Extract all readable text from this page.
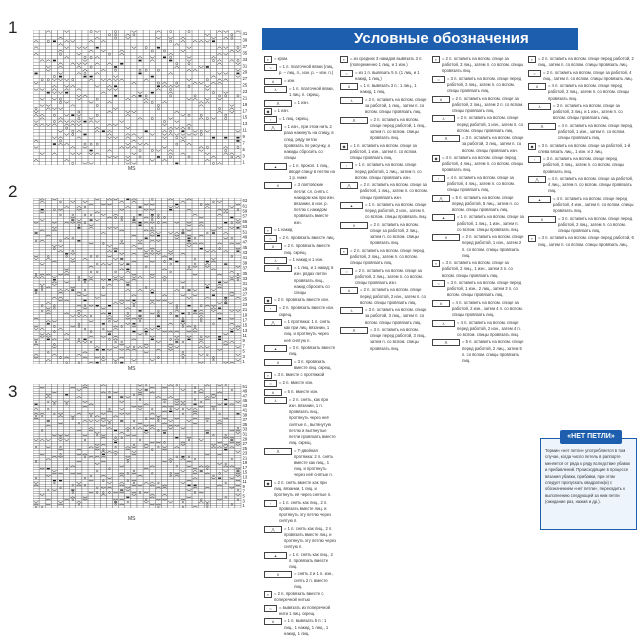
1	41
39
37
35
33
31
29
27
25
23
21
19
17
15
13
11
9
7
5
3
1
MS
2	63
61
59
57
55
53
51
49
47
45
43
41
39
37
35
33
31
29
27
25
23
21
19
17
15
13
11
9
7
5
3
1
MS
3	51
49
47
45
43
41
39
37
35
33
31
29
27
25
23
21
19
17
15
13
11
9
7
5
3
1
MS
Условные обозначения
▪	= кром.
○	= 1 п. платочной вязки (лиц. р. – лиц. п., изн. р. – изн. п.)
∧	= изн.
λ	= 1 п. платочной вязки, 1 лиц. п. скрещ.
ᐱ	= 1 изн.
◆	= 1 изн.
▫	= 1 лиц. скрещ.
⋀	= 1 изн., при этом нить 2 раза накинуть на спицу, в след. ряду петли провязать по рисунку, а накиды сбросить со спицы
▴	= 1 п. прокол. 1 лиц., вводя спицу в петлю на 1 р. ниже
∨	= 3 лаптовские петли: сл. снять с накидом как при изн. вязании, в изн. р. петлю с накидом провязать вместе изн.
▪	= 1 накид
○	= 2 п. провязать вместе лиц.
∧	= 2 п. провязать вместе лиц. скрещ.
λ	= 1 накид и 1 изн.
ᐱ	= 1 лиц. и 1 накид; в изн. рядах петли провязать лиц., накид сбросить со спицы
◆	= 2 п. провязать вместе изн.
▫	= 2 п. провязать вместе изн. скрещ.
⋀	= 1 протяжка: 1 п. снять как при лиц. вязании, 1 лиц. и протянуть через неё снятую п.
▴	= 3 п. провязать вместе лиц.
∨	= 3 п. провязать вместе лиц. скрещ.
▪	= 3 п. вместе с протяжкой
○	= 2 п. вместе изн.
∧	= 5 п. вместе изн.
λ	= 2 п. снять, как при изн. вязании, 1 п. провязать лиц., протянуть через неё снятые п., вытянутую петлю и вытянутые петли провязать вместе лиц. скрещ.
ᐱ	= Т-двойная протяжка: 2 п. снять вместе как лиц., 1 лиц. и протянуть через неё снятые п.
◆	= 2 п. снять вместе как при лиц. вязании, 1 лиц. и протянуть её через снятые п.
▫	= 1 п. снять как лиц., 2 п. провязать вместе лиц. и протянуть эту петлю через снятую п.
⋀	= 1 п. снять как лиц., 2 п. провязать вместе лиц. и протянуть эту петлю через снятую п.
▴	= 1 п. снять как лиц., 2 п. провязать вместе лиц.
∨	= снять 2 и 1 п. изн., снять 2 п. вместе лиц.
▪	= 2 п. провязать вместе с поперечной нитью
○	= вывязать из поперечной нити 1 лиц. скрещ.
∧	= 1 п. вывязать 5 п.: 1 лиц., 1 накид, 1 лиц., 1 накид, 1 лиц.
▪	= из средних 3 накидов вывязать 3 п. (попеременно 1 лиц. и 1 изн.)
○	= из 1 п. вывязать 5 п. (1 лиц. и 1 накид, 1 лиц.)
∧	= 1 п. вывязать 3 п.: 1 лиц., 1 накид, 1 лиц.
λ	= 2 п. оставить на вспом. спице за работой, 1 лиц., затем п. со вспом. спицы провязать лиц.
ᐱ	= 2 п. оставить на вспом. спице перед работой, 1 лиц., затем п. со вспом. спицы провязать лиц.
◆	= 1 п. оставить на вспом. спице за работой, 1 изн., затем п. со вспом. спицы провязать лиц.
▫	= 1 п. оставить на вспом. спице перед работой, 1 лиц., затем п. со вспом. спицы провязать изн.
⋀	= 2 п. оставить на вспом. спице за работой, 1 лиц., затем п. со вспом. спицы провязать изн.
▴	= 1 п. оставить на вспом. спице перед работой, 2 изн., затем п. со вспом. спицы провязать лиц.
∨	= 2 п. оставить на вспом. спице за работой, 2 лиц., затем п. со вспом. спицы провязать лиц.
▪	= 2 п. оставить на вспом. спице перед работой, 2 лиц., затем п. со вспом. спицы провязать лиц.
○	= 2 п. оставить на вспом. спице за работой, 2 лиц., затем п. со вспом. спицы провязать изн.
∧	= 2 п. оставить на вспом. спице перед работой, 2 изн., затем п. со вспом. спицы провязать лиц.
λ	= 3 п. оставить на вспом. спице за работой, 3 лиц., затем п. со вспом. спицы провязать лиц.
ᐱ	= 3 п. оставить на вспом. спице перед работой, 3 лиц., затем п. со вспом. спицы провязать лиц.
▪	= 2 п. оставить на вспом. спице за работой, 3 лиц., затем п. со вспом. спицы провязать лиц.
○	= 3 п. оставить на вспом. спице перед работой, 2 лиц., затем п. со вспом. спицы провязать лиц.
∧	= 2 п. оставить на вспом. спице за работой, 2 лиц., затем 2 п. со вспом. спицы провязать лиц.
λ	= 2 п. оставить на вспом. спице перед работой, 1 изн., затем п. со вспом. спицы провязать лиц.
ᐱ	= 3 п. оставить на вспом. спице за работой, 3 лиц., затем п. со вспом. спицы провязать изн.
◆	= 4 п. оставить на вспом. спице перед работой, 4 лиц., затем п. со вспом. спицы провязать лиц.
▫	= 4 п. оставить на вспом. спице за работой, 4 лиц., затем п. со вспом. спицы провязать лиц.
⋀	= 5 п. оставить на вспом. спице перед работой, 5 лиц., затем п. со вспом. спицы провязать лиц.
▴	= 1 п. оставить на вспом. спице за работой, 1 лиц., 1 изн., затем п. со вспом. спицы провязать лиц.
∨	= 2 п. оставить на вспом. спице перед работой, 1 изн., затем 2 п. со вспом. спицы провязать лиц.
▪	= 3 п. оставить на вспом. спице за работой, 2 лиц., 1 изн., затем 3 п. со вспом. спицы провязать лиц.
○	= 3 п. оставить на вспом. спице перед работой, 1 изн., 2 лиц., затем 3 п. со вспом. спицы провязать лиц.
∧	= 4 п. оставить на вспом. спице за работой, 2 изн., затем 4 п. со вспом. спицы провязать лиц.
λ	= 4 п. оставить на вспом. спице перед работой, 2 изн., затем 4 п. со вспом. спицы провязать лиц.
ᐱ	= 5 п. оставить на вспом. спице перед работой, 2 лиц., затем 5 п. со вспом. спицы провязать лиц.
▪	= 2 п. оставить на вспом. спице перед работой, 2 лиц., затем п. со вспом. спицы провязать лиц.
○	= 2 п. оставить на вспом. спице за работой, 4 лиц., затем п. со вспом. спицы провязать лиц.
∧	= 4 п. оставить на вспом. спице перед работой, 2 лиц., затем п. со вспом. спицы провязать лиц.
λ	= 3 п. оставить на вспом. спице за работой, 3 лиц. и 1 изн., затем п. со вспом. спицы провязать лиц.
ᐱ	= 4 п. оставить на вспом. спице перед работой, 1 изн., затем п. со вспом. спицы провязать лиц.
◆	= 3 п. оставить на вспом. спице за работой, 1-й слева вязать лиц., 1 изн. и 2 лиц.
▫	= 3 п. оставить на вспом. спице перед работой, 3 лиц., затем п. со вспом. спицы провязать лиц.
⋀	= 4 п. оставить на вспом. спице за работой, 4 лиц., затем п. со вспом. спицы провязать лиц.
▴	= 4 п. оставить на вспом. спице перед работой, 4 изн., затем п. со вспом. спицы провязать лиц.
∨	= 3 п. оставить на вспом. спице перед работой, 2 лиц., затем п. со вспом. спицы провязать лиц.
▪	= 3 п. оставить на вспом. спице перед работой, 6 лиц., затем п. со вспом. спицы провязать лиц.
«НЕТ ПЕТЛИ»
Термин «нет петли» употребляется в том случае, когда число петель в раппорте меняется от ряда к ряду вследствие убавок и прибавлений. Происходящие в процессе вязания убавки, прибавки, при этом следует пропускать квадратик(и) с обозначением «нет петли», переходить к выполнению следующей за ним петли (ожидание раз, нажав и др.).
